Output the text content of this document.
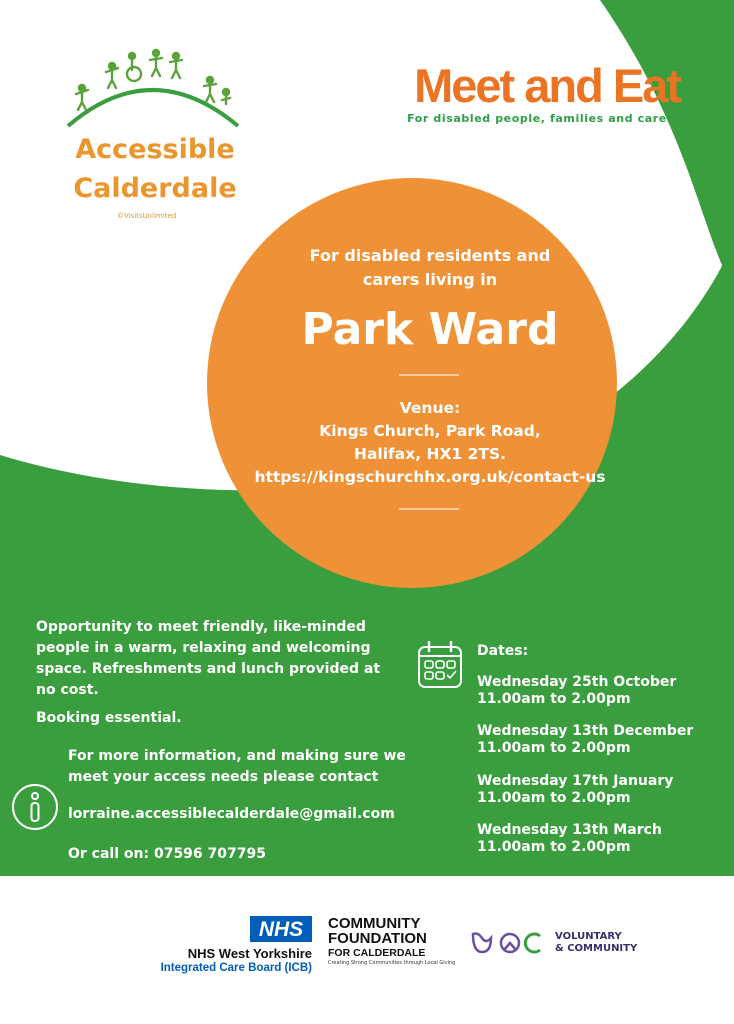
Accessible
Calderdale
©VisitsUnlimited
Meet and Eat
For disabled people, families and carers
For disabled residents and
carers living in
Park Ward
Venue:
Kings Church, Park Road,
Halifax, HX1 2TS.
https://kingschurchhx.org.uk/contact-us
Opportunity to meet friendly, like-minded
people in a warm, relaxing and welcoming
space. Refreshments and lunch provided at
no cost.
Booking essential.
For more information, and making sure we
meet your access needs please contact
lorraine.accessiblecalderdale@gmail.com
Or call on: 07596 707795
Dates:
Wednesday 25th October
11.00am to 2.00pm
Wednesday 13th December
11.00am to 2.00pm
Wednesday 17th January
11.00am to 2.00pm
Wednesday 13th March
11.00am to 2.00pm
NHS
NHS West Yorkshire
Integrated Care Board (ICB)
COMMUNITY
FOUNDATION
FOR CALDERDALE
Creating Strong Communities through Local Giving
VOLUNTARY
& COMMUNITY
